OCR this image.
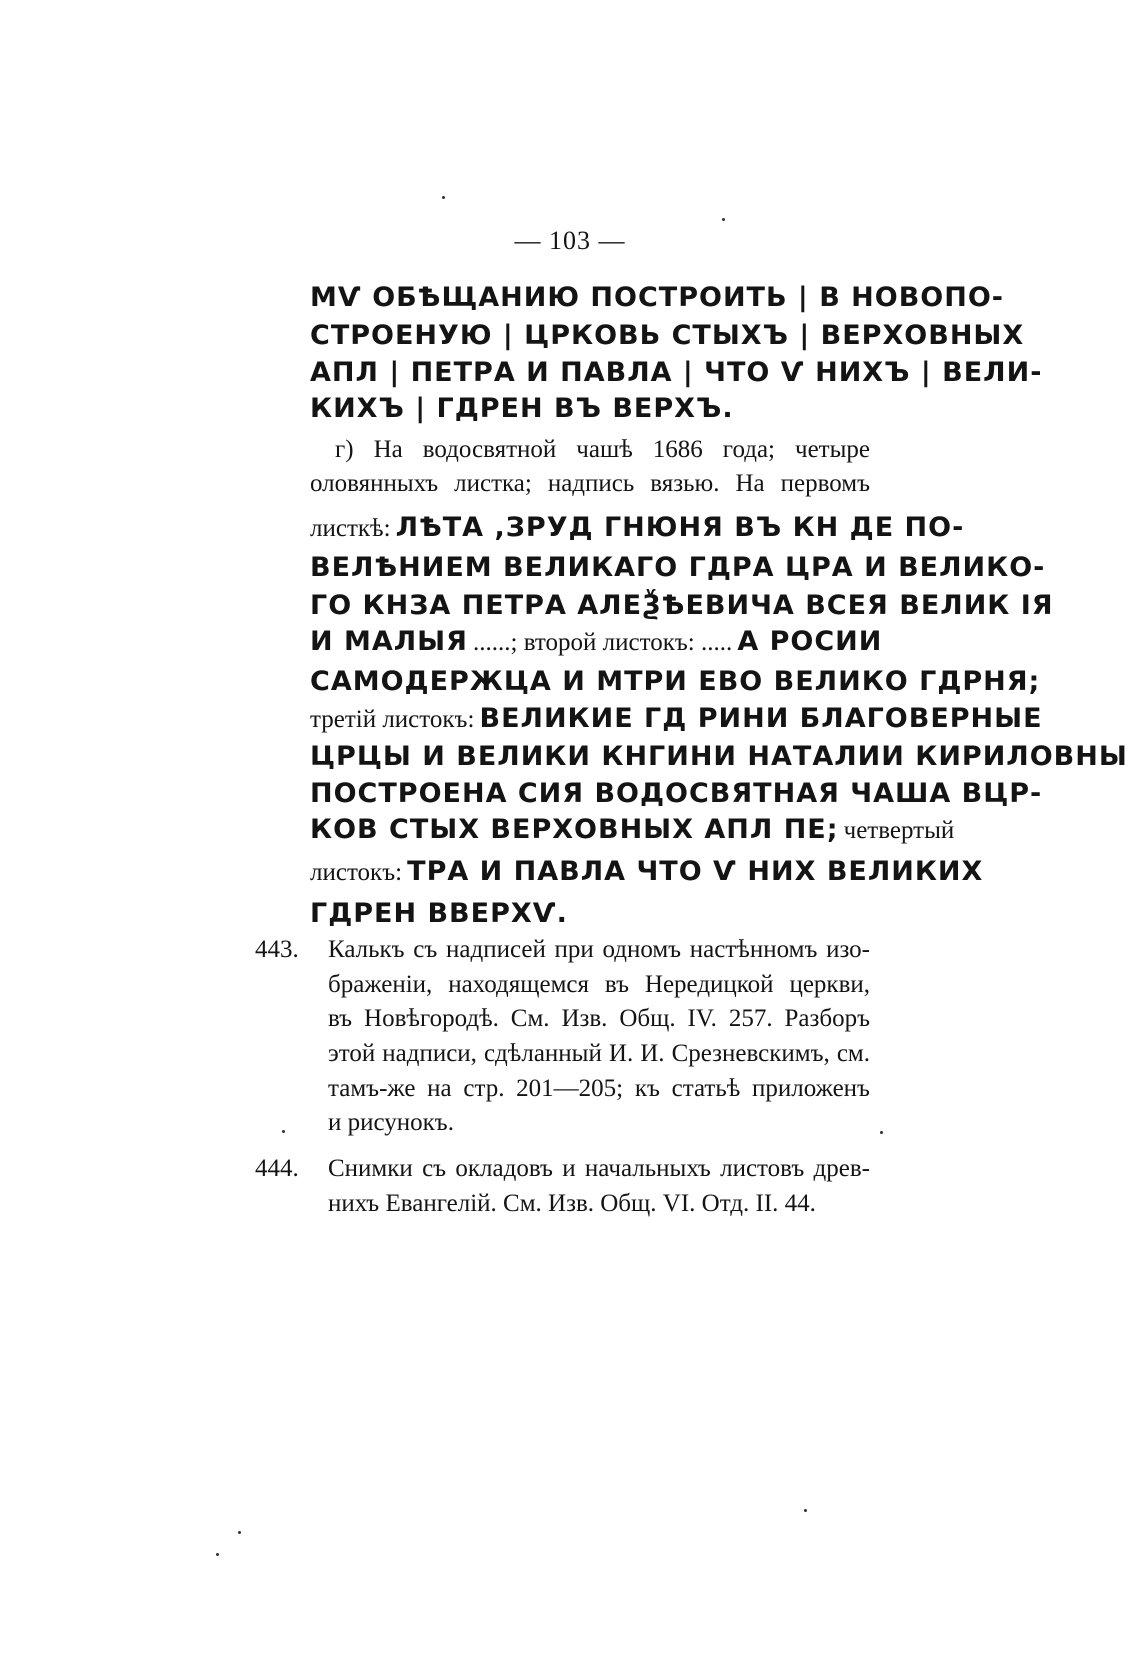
— 103 —
МѴ ОБѢЩАНИЮ ПОСТРОИТЬ | В НОВОПО-
СТРОЕНУЮ | ЦРКОВЬ СТЫХЪ | ВЕРХОВНЫХ
АПЛ | ПЕТРА И ПАВЛА | ЧТО Ѵ НИХЪ | ВЕЛИ-
КИХЪ | ГДРЕН ВЪ ВЕРХЪ.
г) На водосвятной чашѣ 1686 года; четыре
оловянныхъ листка; надпись вязью. На первомъ
листкѣ: ЛѢТА ,ЗРУД ГНЮНЯ ВЪ КН ДЕ ПО-
ВЕЛѢНИЕМ ВЕЛИКАГО ГДРА ЦРА И ВЕЛИКО-
ГО КНЗА ПЕТРА АЛЕѮѢЕВИЧА ВСЕЯ ВЕЛИК ІЯ
И МАЛЫЯ ......; второй листокъ: ..... А РОСИИ
САМОДЕРЖЦА И МТРИ ЕВО ВЕЛИКО ГДРНЯ;
третій листокъ: ВЕЛИКИЕ ГД РИНИ БЛАГОВЕРНЫЕ
ЦРЦЫ И ВЕЛИКИ КНГИНИ НАТАЛИИ КИРИЛОВНЫ
ПОСТРОЕНА СИЯ ВОДОСВЯТНАЯ ЧАША ВЦР-
КОВ СТЫХ ВЕРХОВНЫХ АПЛ ПЕ; четвертый
листокъ: ТРА И ПАВЛА ЧТО Ѵ НИХ ВЕЛИКИХ
ГДРЕН ВВЕРХѴ.
443. Калькъ съ надписей при одномъ настѣнномъ изо-
браженіи, находящемся въ Нередицкой церкви,
въ Новѣгородѣ. См. Изв. Общ. IV. 257. Разборъ
этой надписи, сдѣланный И. И. Срезневскимъ, см.
тамъ-же на стр. 201—205; къ статьѣ приложенъ
и рисунокъ.
444. Снимки съ окладовъ и начальныхъ листовъ древ-
нихъ Евангелій. См. Изв. Общ. VI. Отд. II. 44.
